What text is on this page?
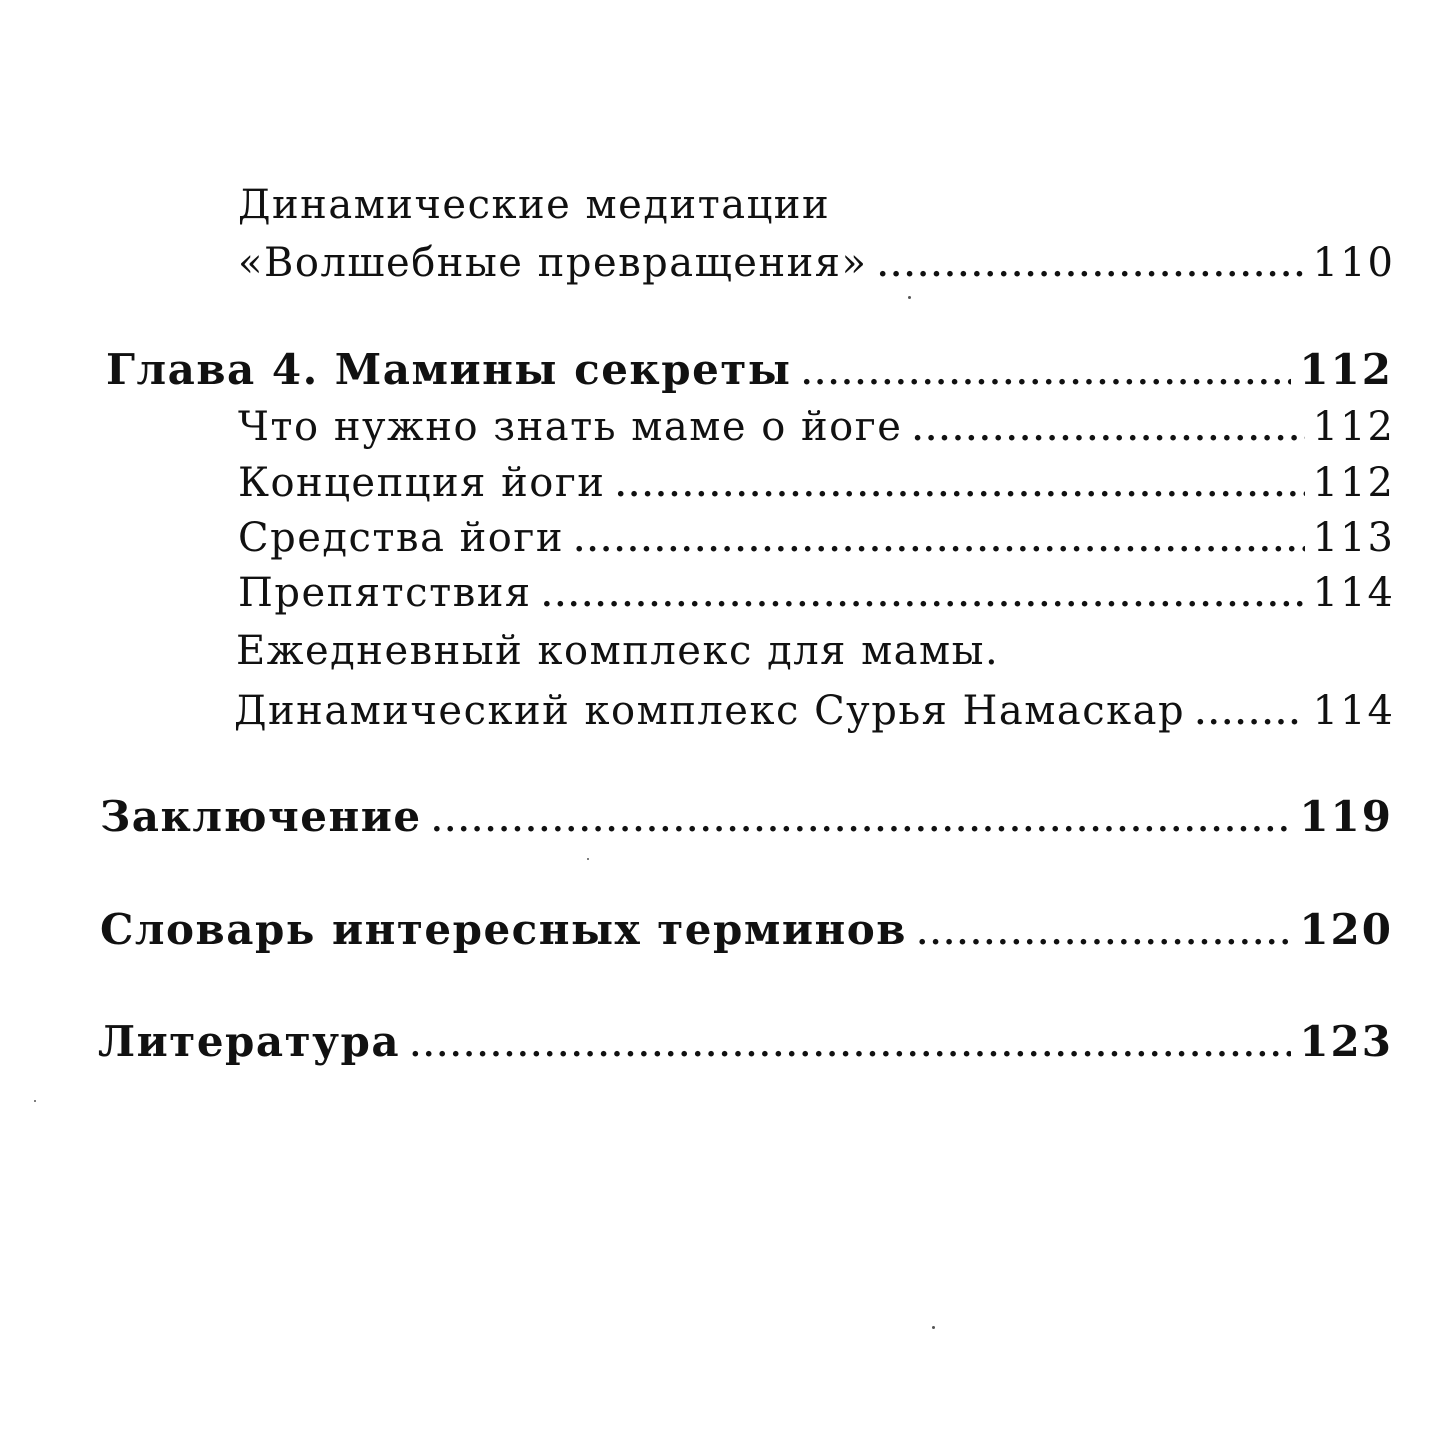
Динамические медитации
«Волшебные превращения» .....	110
Глава 4. Мамины секреты .....	112
Что нужно знать маме о йоге .....	112
Концепция йоги .....	112
Средства йоги .....	113
Препятствия .....	114
Ежедневный комплекс для мамы.
Динамический комплекс Сурья Намаскар .....	114
Заключение .....	119
Словарь интересных терминов .....	120
Литература .....	123
